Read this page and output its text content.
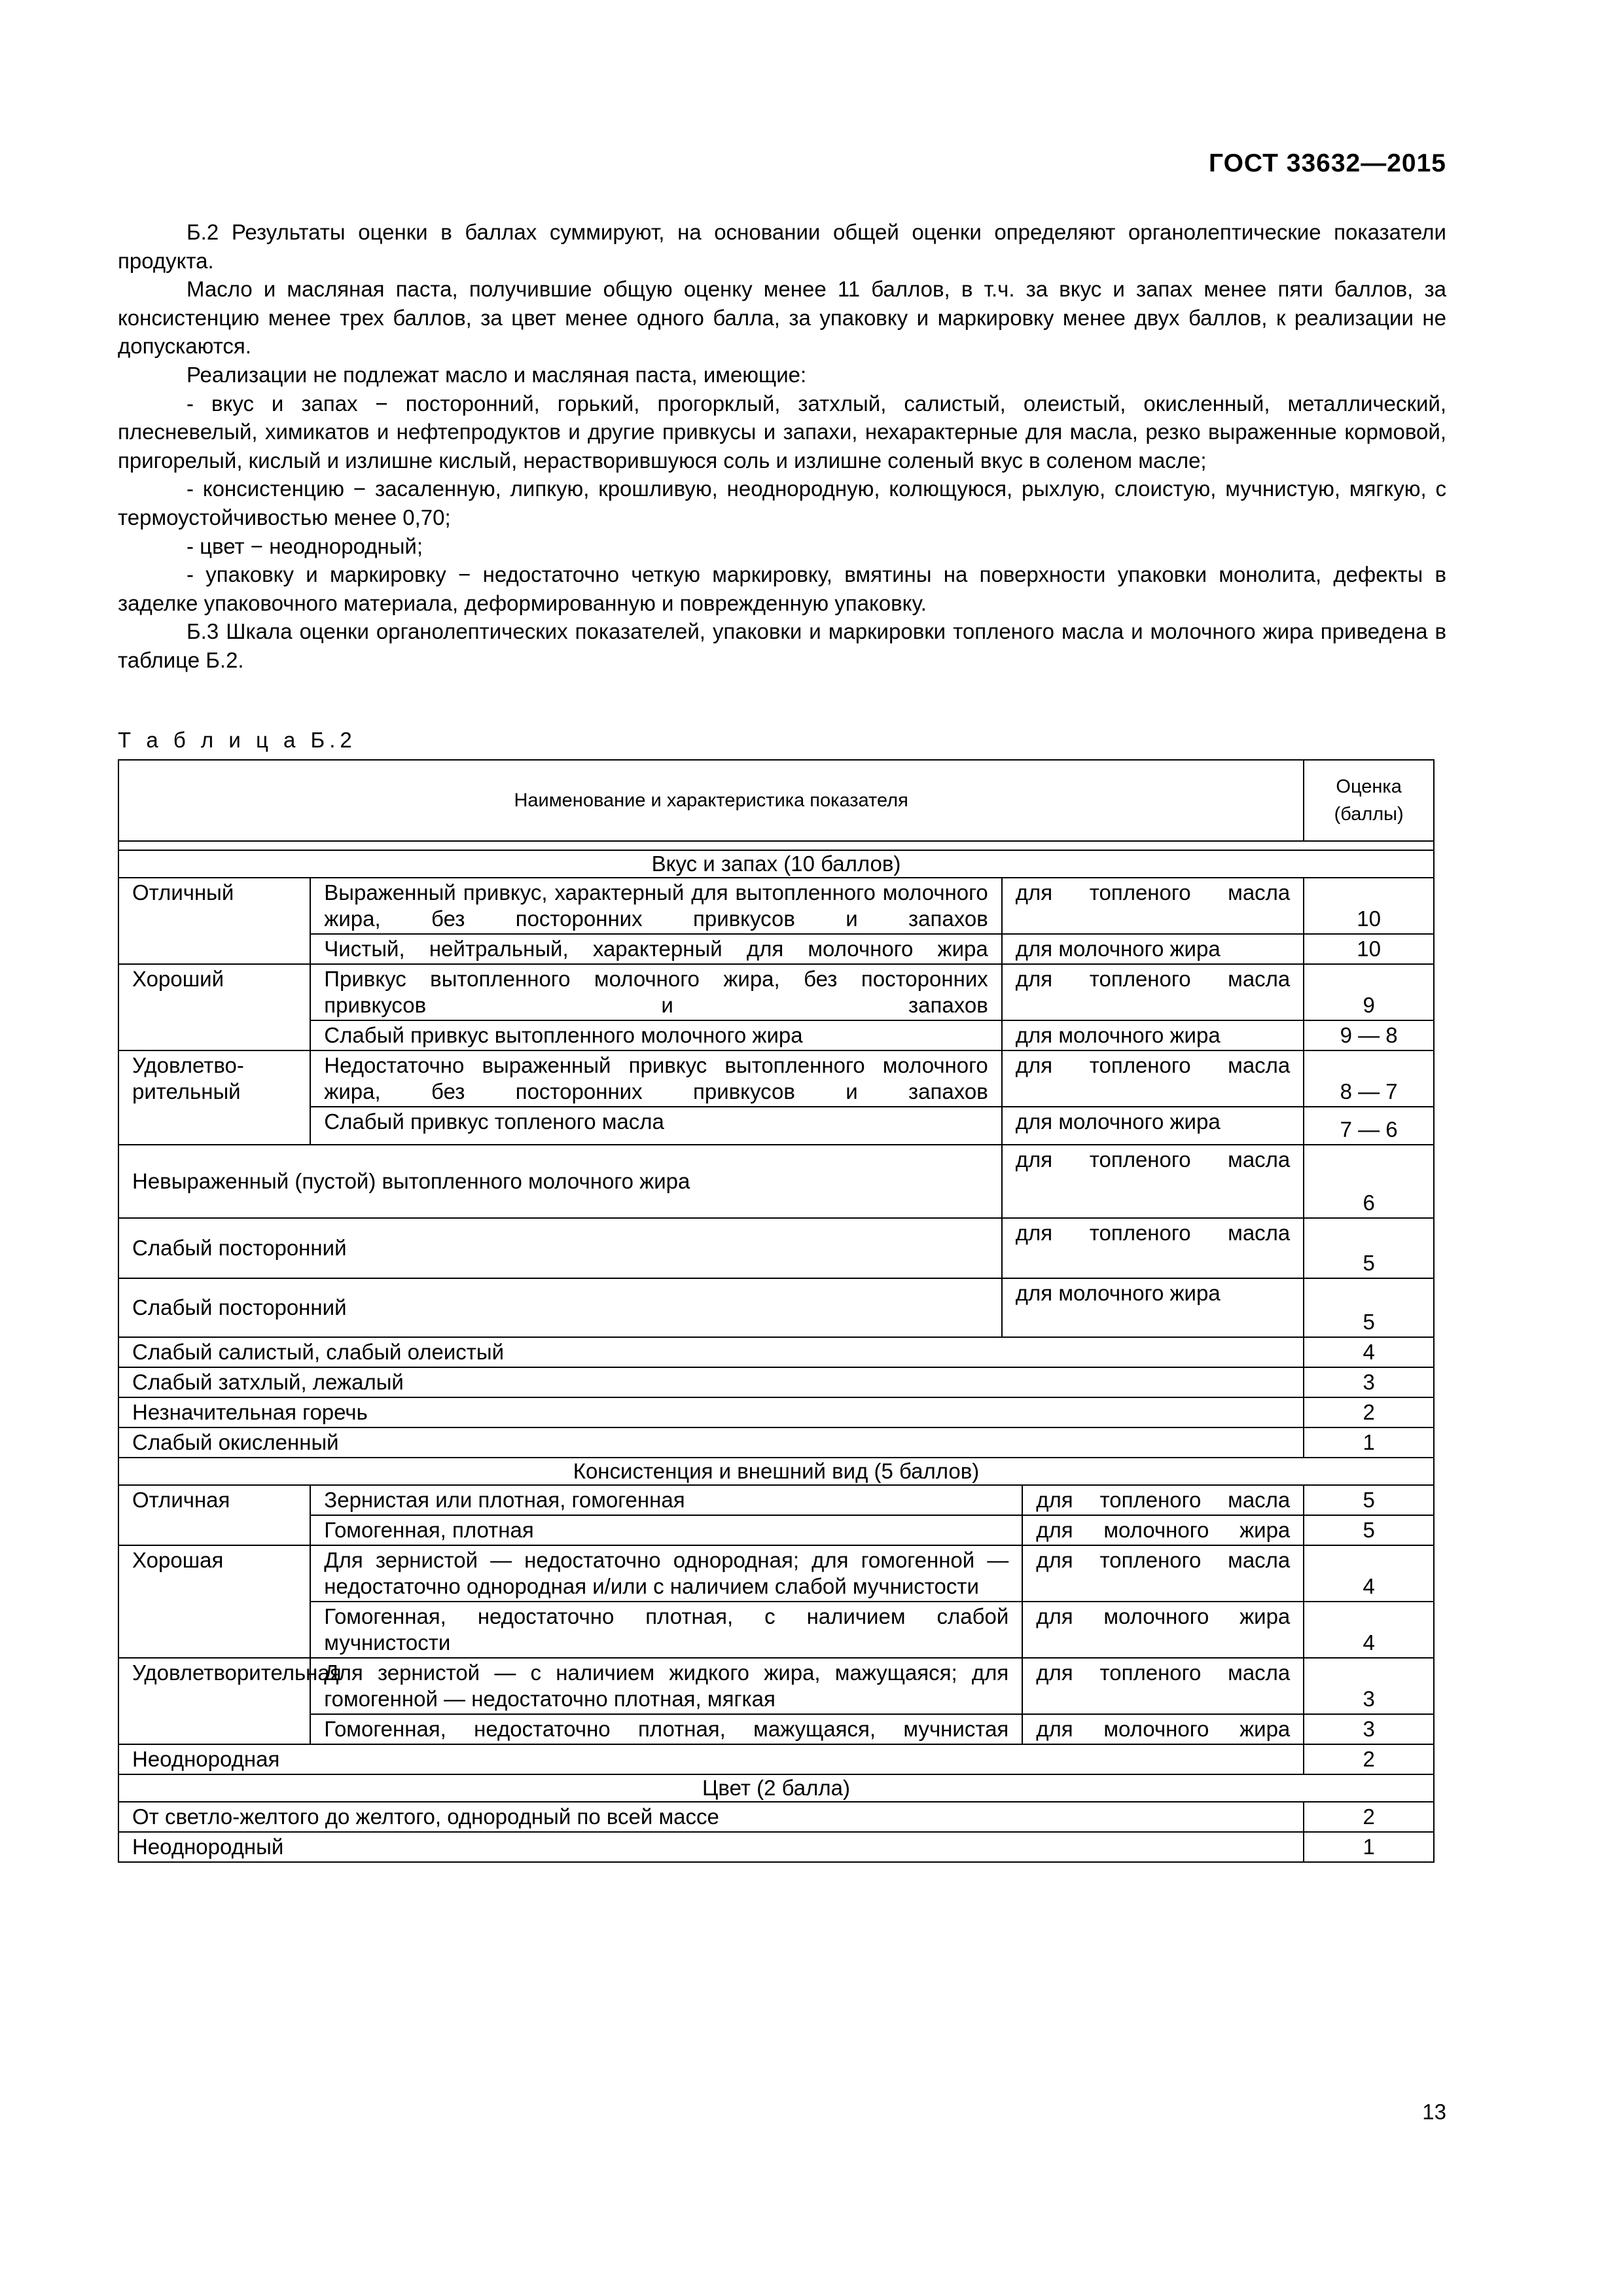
ГОСТ 33632—2015

Б.2 Результаты оценки в баллах суммируют, на основании общей оценки определяют органолептические показатели продукта.

Масло и масляная паста, получившие общую оценку менее 11 баллов, в т.ч. за вкус и запах менее пяти баллов, за консистенцию менее трех баллов, за цвет менее одного балла, за упаковку и маркировку менее двух баллов, к реализации не допускаются.

Реализации не подлежат масло и масляная паста, имеющие:

- вкус и запах − посторонний, горький, прогорклый, затхлый, салистый, олеистый, окисленный, металлический, плесневелый, химикатов и нефтепродуктов и другие привкусы и запахи, нехарактерные для масла, резко выраженные кормовой, пригорелый, кислый и излишне кислый, нерастворившуюся соль и излишне соленый вкус в соленом масле;

- консистенцию − засаленную, липкую, крошливую, неоднородную, колющуюся, рыхлую, слоистую, мучнистую, мягкую, с термоустойчивостью менее 0,70;

- цвет − неоднородный;

- упаковку и маркировку − недостаточно четкую маркировку, вмятины на поверхности упаковки монолита, дефекты в заделке упаковочного материала, деформированную и поврежденную упаковку.

Б.3 Шкала оценки органолептических показателей, упаковки и маркировки топленого масла и молочного жира приведена в таблице Б.2.

Т а б л и ц а Б.2
Наименование и характеристика показателя				Оценка (баллы)

Вкус и запах (10 баллов)				
Отличный	Выраженный привкус, характерный для вытопленного молочного жира, без посторонних привкусов и запахов	для топленого масла		10
	Чистый, нейтральный, характерный для молочного жира	для молочного жира		10
Хороший	Привкус вытопленного молочного жира, без посторонних привкусов и запахов	для топленого масла		9
	Слабый привкус вытопленного молочного жира	для молочного жира		9 — 8
Удовлетво-рительный	Недостаточно выраженный привкус вытопленного молочного жира, без посторонних привкусов и запахов	для топленого масла		8 — 7
	Слабый привкус топленого масла	для молочного жира		7 — 6
Невыраженный (пустой) вытопленного молочного жира		для топленого масла		6
Слабый посторонний		для топленого масла		5
Слабый посторонний		для молочного жира		5
Слабый салистый, слабый олеистый				4
Слабый затхлый, лежалый				3
Незначительная горечь				2
Слабый окисленный				1
Консистенция и внешний вид (5 баллов)				
Отличная	Зернистая или плотная, гомогенная		для топленого масла	5
	Гомогенная, плотная		для молочного жира	5
Хорошая	Для зернистой — недостаточно однородная; для гомогенной — недостаточно однородная и/или с наличием слабой мучнистости		для топленого масла	4
	Гомогенная, недостаточно плотная, с наличием слабой мучнистости		для молочного жира	4
Удовлетворительная	Для зернистой — с наличием жидкого жира, мажущаяся; для гомогенной — недостаточно плотная, мягкая		для топленого масла	3
	Гомогенная, недостаточно плотная, мажущаяся, мучнистая		для молочного жира	3
Неоднородная				2
Цвет (2 балла)				
От светло-желтого до желтого, однородный по всей массе				2
Неоднородный				1
13
